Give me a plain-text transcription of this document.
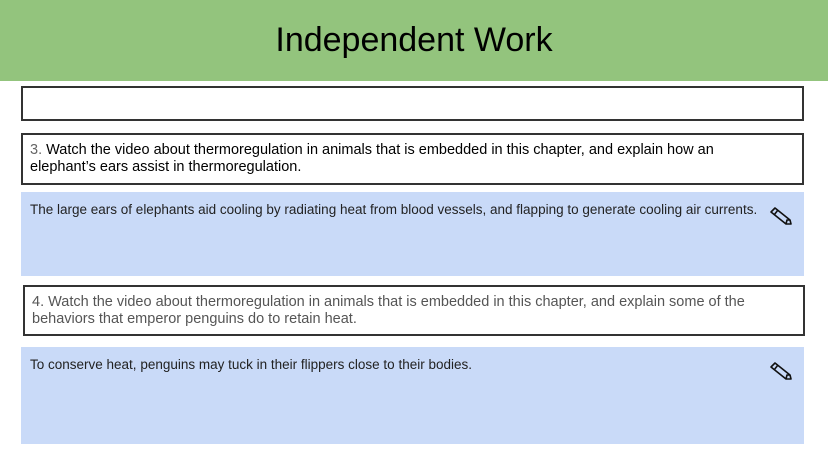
Independent Work
3. Watch the video about thermoregulation in animals that is embedded in this chapter, and explain how an elephant’s ears assist in thermoregulation.
The large ears of elephants aid cooling by radiating heat from blood vessels, and flapping to generate cooling air currents.
4. Watch the video about thermoregulation in animals that is embedded in this chapter, and explain some of the behaviors that emperor penguins do to retain heat.
To conserve heat, penguins may tuck in their flippers close to their bodies.
